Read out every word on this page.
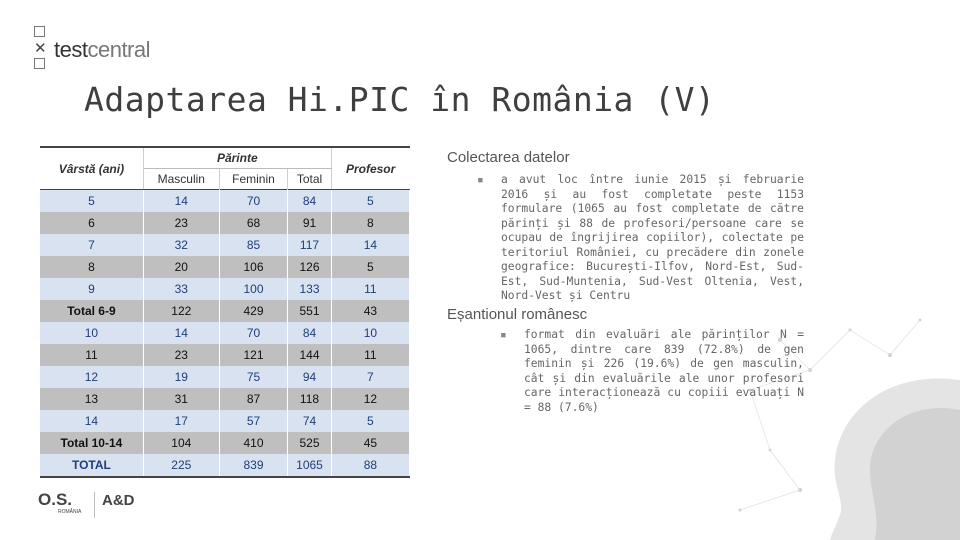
✕ testcentral
Adaptarea Hi.PIC în România (V)
Vârstă (ani)	Părinte			Profesor
	Masculin	Feminin	Total	
5	14	70	84	5
6	23	68	91	8
7	32	85	117	14
8	20	106	126	5
9	33	100	133	11
Total 6-9	122	429	551	43
10	14	70	84	10
11	23	121	144	11
12	19	75	94	7
13	31	87	118	12
14	17	57	74	5
Total 10-14	104	410	525	45
TOTAL	225	839	1065	88
Colectarea datelor
▪ a avut loc între iunie 2015 și februarie 2016 și au fost completate peste 1153 formulare (1065 au fost completate de către părinți și 88 de profesori/persoane care se ocupau de îngrijirea copiilor), colectate pe teritoriul României, cu precădere din zonele geografice: București-Ilfov, Nord-Est, Sud-Est, Sud-Muntenia, Sud-Vest Oltenia, Vest, Nord-Vest și Centru
Eșantionul românesc
▪ format din evaluări ale părinților N = 1065, dintre care 839 (72.8%) de gen feminin și 226 (19.6%) de gen masculin, cât și din evaluările ale unor profesori care interacționează cu copiii evaluați N = 88 (7.6%)
O.S.
ROMÂNIA
A&D
